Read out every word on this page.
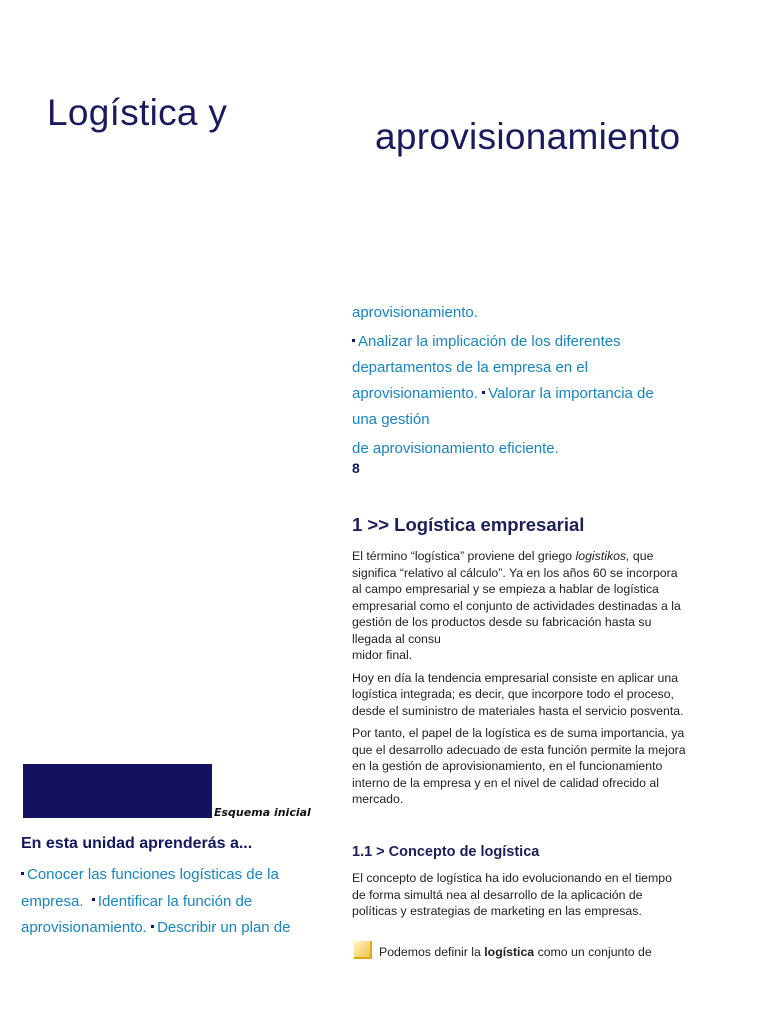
Logística y
aprovisionamiento
aprovisionamiento.
Analizar la implicación de los diferentes
departamentos de la empresa en el
aprovisionamiento. Valorar la importancia de
una gestión
de aprovisionamiento eficiente.
8
1 >> Logística empresarial

El término “logística” proviene del griego logistikos, que significa “relativo al cálculo”. Ya en los años 60 se incorpora al campo empresarial y se empieza a hablar de logística empresarial como el conjunto de actividades destinadas a la gestión de los productos desde su fabricación hasta su llegada al consu
midor final.

Hoy en día la tendencia empresarial consiste en aplicar una logística integrada; es decir, que incorpore todo el proceso, desde el suministro de materiales hasta el servicio posventa.

Por tanto, el papel de la logística es de suma importancia, ya que el desarrollo adecuado de esta función permite la mejora en la gestión de aprovisionamiento, en el funcionamiento interno de la empresa y en el nivel de calidad ofrecido al mercado.

1.1 > Concepto de logística
El concepto de logística ha ido evolucionando en el tiempo de forma simultá nea al desarrollo de la aplicación de políticas y estrategias de marketing en las empresas.
Podemos definir la logística como un conjunto de
Esquema inicial
En esta unidad aprenderás a...
Conocer las funciones logísticas de la
empresa. Identificar la función de
aprovisionamiento. Describir un plan de
